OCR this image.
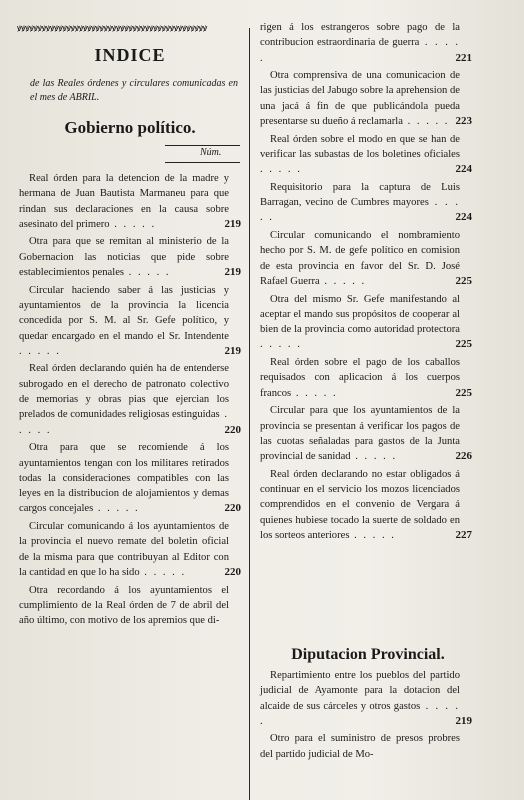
ꝟꝟꝟꝟꝟꝟꝟꝟꝟꝟꝟꝟꝟꝟꝟꝟꝟꝟꝟꝟꝟꝟꝟꝟꝟꝟꝟꝟꝟꝟꝟꝟꝟꝟꝟꝟꝟꝟꝟꝟꝟꝟꝟꝟꝟꝟ
INDICE
de las Reales órdenes y circulares comunicadas en el mes de ABRIL.
Gobierno político.
Núm.
Real órden para la detencion de la madre y hermana de Juan Bautista Marmaneu para que rindan sus declaraciones en la causa sobre asesinato del primero . . . . .	219
Otra para que se remitan al ministerio de la Gobernacion las noticias que pide sobre establecimientos penales . . . . .	219
Circular haciendo saber á las justicias y ayuntamientos de la provincia la licencia concedida por S. M. al Sr. Gefe político, y quedar encargado en el mando el Sr. Intendente . . . . .	219
Real órden declarando quién ha de entenderse subrogado en el derecho de patronato colectivo de memorias y obras pias que ejercian los prelados de comunidades religiosas estinguidas . . . . .	220
Otra para que se recomiende á los ayuntamientos tengan con los militares retirados todas la consideraciones compatibles con las leyes en la distribucion de alojamientos y demas cargos concejales . . . . .	220
Circular comunicando á los ayuntamientos de la provincia el nuevo remate del boletin oficial de la misma para que contribuyan al Editor con la cantidad en que lo ha sido . . . . .	220
Otra recordando á los ayuntamientos el cumplimiento de la Real órden de 7 de abril del año último, con motivo de los apremios que di-
rigen á los estrangeros sobre pago de la contribucion estraordinaria de guerra . . . . .	221
Otra comprensiva de una comunicacion de las justicias del Jabugo sobre la aprehension de una jacá á fin de que publicándola pueda presentarse su dueño á reclamarla . . . . . 223
Real órden sobre el modo en que se han de verificar las subastas de los boletines oficiales . . . . .	224
Requisitorio para la captura de Luis Barragan, vecino de Cumbres mayores . . . . .	224
Circular comunicando el nombramiento hecho por S. M. de gefe político en comision de esta provincia en favor del Sr. D. José Rafael Guerra . . . . .	225
Otra del mismo Sr. Gefe manifestando al aceptar el mando sus propósitos de cooperar al bien de la provincia como autoridad protectora . . . . .	225
Real órden sobre el pago de los caballos requisados con aplicacion á los cuerpos francos . . . . .	225
Circular para que los ayuntamientos de la provincia se presentan á verificar los pagos de las cuotas señaladas para gastos de la Junta provincial de sanidad . . . . .	226
Real órden declarando no estar obligados á continuar en el servicio los mozos licenciados comprendidos en el convenio de Vergara á quienes hubiese tocado la suerte de soldado en los sorteos anteriores . . . . .	227
Diputacion Provincial.
Repartimiento entre los pueblos del partido judicial de Ayamonte para la dotacion del alcaide de sus cárceles y otros gastos . . . . .	219
Otro para el suministro de presos probres del partido judicial de Mo-
